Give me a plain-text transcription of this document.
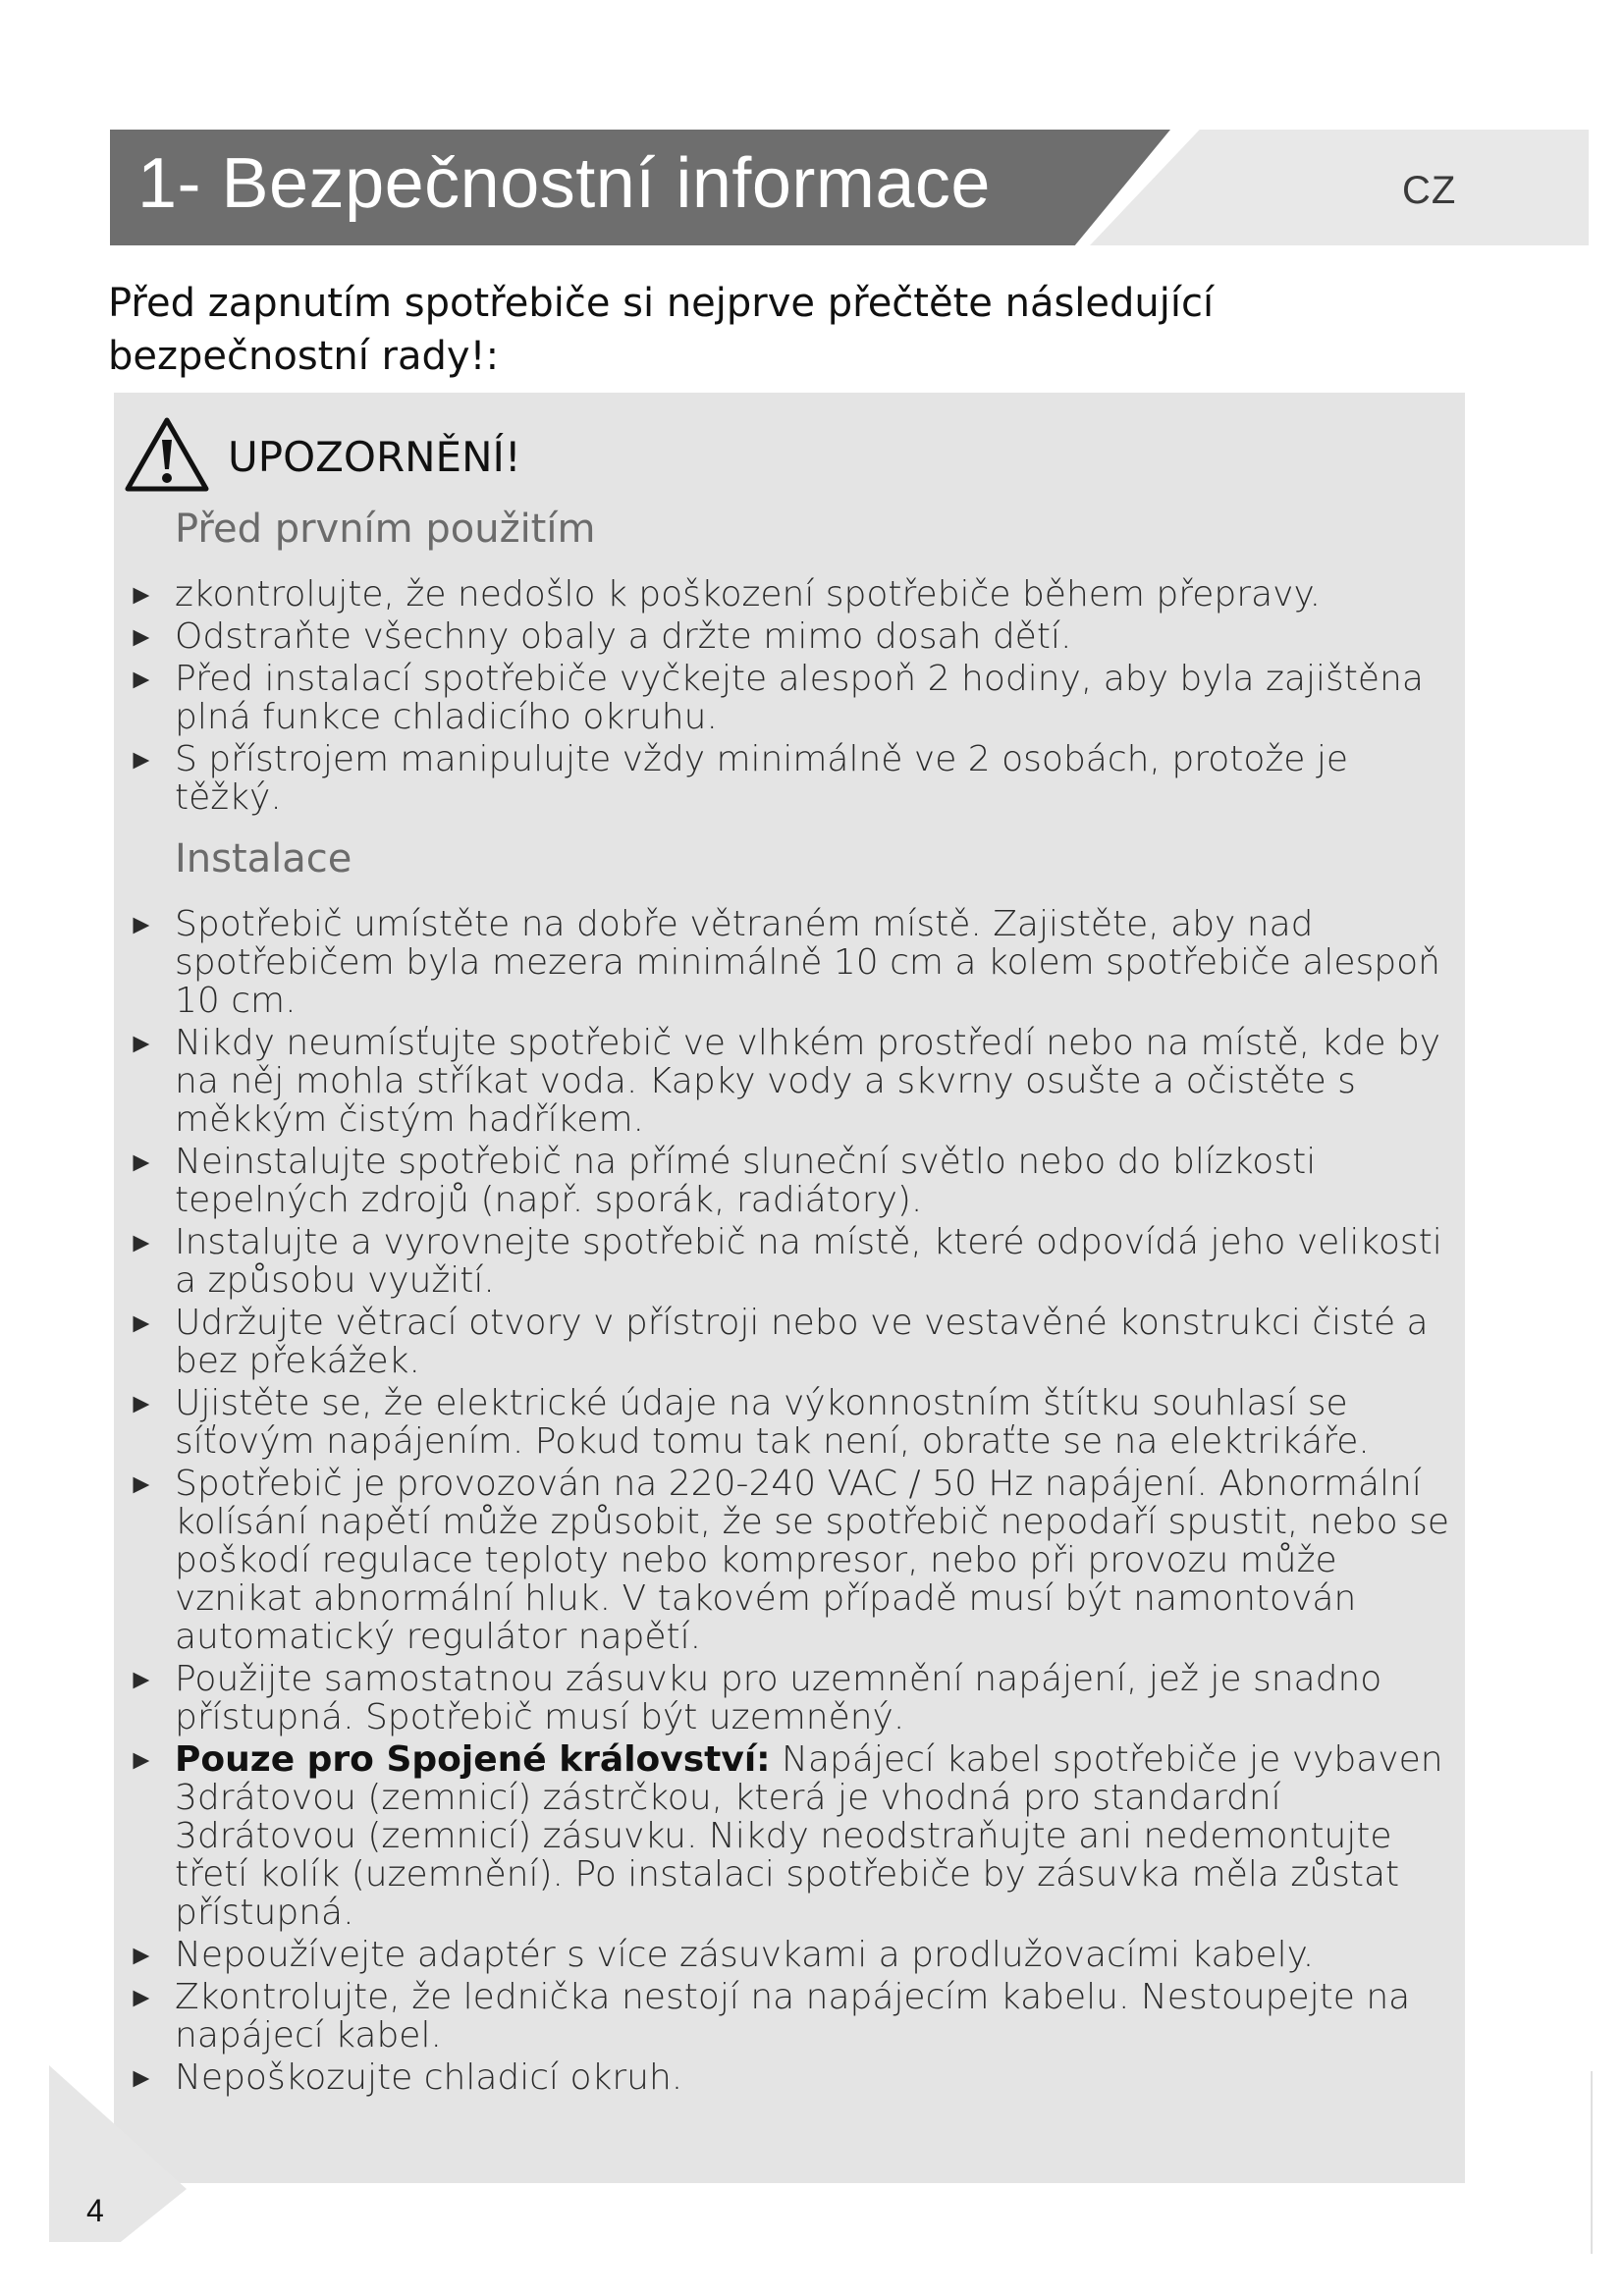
1- Bezpečnostní informace	CZ
Před zapnutím spotřebiče si nejprve přečtěte následující bezpečnostní rady!:
UPOZORNĚNÍ!
Před prvním použitím
► zkontrolujte, že nedošlo k poškození spotřebiče během přepravy.
► Odstraňte všechny obaly a držte mimo dosah dětí.
► Před instalací spotřebiče vyčkejte alespoň 2 hodiny, aby byla zajištěna plná funkce chladicího okruhu.
► S přístrojem manipulujte vždy minimálně ve 2 osobách, protože je těžký.
Instalace
► Spotřebič umístěte na dobře větraném místě. Zajistěte, aby nad spotřebičem byla mezera minimálně 10 cm a kolem spotřebiče alespoň 10 cm.
► Nikdy neumísťujte spotřebič ve vlhkém prostředí nebo na místě, kde by na něj mohla stříkat voda. Kapky vody a skvrny osušte a očistěte s měkkým čistým hadříkem.
► Neinstalujte spotřebič na přímé sluneční světlo nebo do blízkosti tepelných zdrojů (např. sporák, radiátory).
► Instalujte a vyrovnejte spotřebič na místě, které odpovídá jeho velikosti a způsobu využití.
► Udržujte větrací otvory v přístroji nebo ve vestavěné konstrukci čisté a bez překážek.
► Ujistěte se, že elektrické údaje na výkonnostním štítku souhlasí se síťovým napájením. Pokud tomu tak není, obraťte se na elektrikáře.
► Spotřebič je provozován na 220-240 VAC / 50 Hz napájení. Abnormální kolísání napětí může způsobit, že se spotřebič nepodaří spustit, nebo se poškodí regulace teploty nebo kompresor, nebo při provozu může vznikat abnormální hluk. V takovém případě musí být namontován automatický regulátor napětí.
► Použijte samostatnou zásuvku pro uzemnění napájení, jež je snadno přístupná. Spotřebič musí být uzemněný.
► Pouze pro Spojené království: Napájecí kabel spotřebiče je vybaven 3drátovou (zemnicí) zástrčkou, která je vhodná pro standardní 3drátovou (zemnicí) zásuvku. Nikdy neodstraňujte ani nedemontujte třetí kolík (uzemnění). Po instalaci spotřebiče by zásuvka měla zůstat přístupná.
► Nepoužívejte adaptér s více zásuvkami a prodlužovacími kabely.
► Zkontrolujte, že lednička nestojí na napájecím kabelu. Nestoupejte na napájecí kabel.
► Nepoškozujte chladicí okruh.
4
